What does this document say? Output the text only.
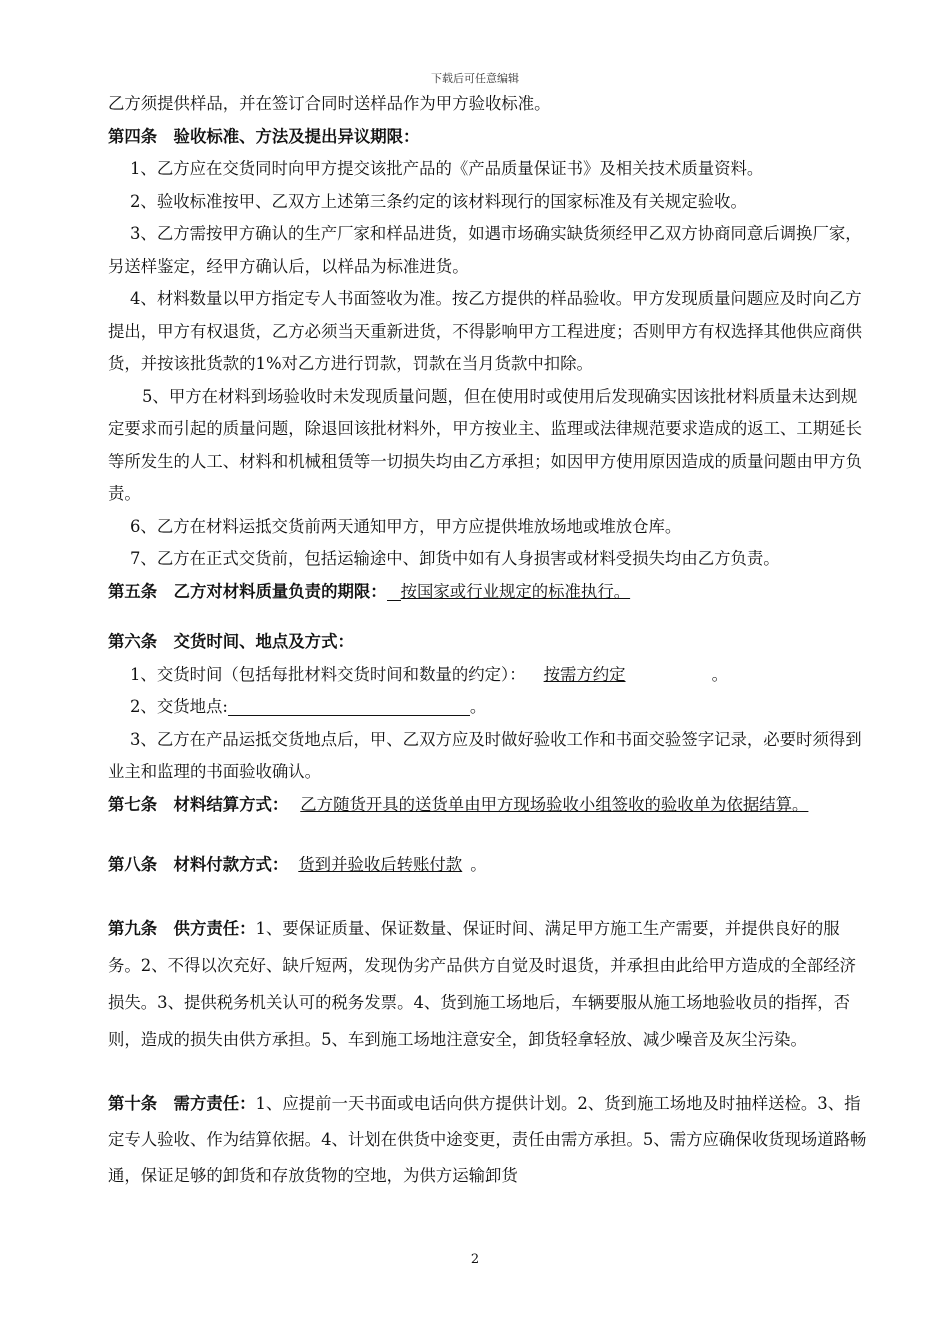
下载后可任意编辑

乙方须提供样品，并在签订合同时送样品作为甲方验收标准。

第四条　验收标准、方法及提出异议期限：

1、乙方应在交货同时向甲方提交该批产品的《产品质量保证书》及相关技术质量资料。

2、验收标准按甲、乙双方上述第三条约定的该材料现行的国家标准及有关规定验收。

3、乙方需按甲方确认的生产厂家和样品进货，如遇市场确实缺货须经甲乙双方协商同意后调换厂家，另送样鉴定，经甲方确认后，以样品为标准进货。

4、材料数量以甲方指定专人书面签收为准。按乙方提供的样品验收。甲方发现质量问题应及时向乙方提出，甲方有权退货，乙方必须当天重新进货，不得影响甲方工程进度；否则甲方有权选择其他供应商供货，并按该批货款的1%对乙方进行罚款，罚款在当月货款中扣除。

5、甲方在材料到场验收时未发现质量问题，但在使用时或使用后发现确实因该批材料质量未达到规定要求而引起的质量问题，除退回该批材料外，甲方按业主、监理或法律规范要求造成的返工、工期延长等所发生的人工、材料和机械租赁等一切损失均由乙方承担；如因甲方使用原因造成的质量问题由甲方负责。

6、乙方在材料运抵交货前两天通知甲方，甲方应提供堆放场地或堆放仓库。

7、乙方在正式交货前，包括运输途中、卸货中如有人身损害或材料受损失均由乙方负责。

第五条　乙方对材料质量负责的期限： 按国家或行业规定的标准执行。

第六条　交货时间、地点及方式：

1、交货时间（包括每批材料交货时间和数量的约定）： 按需方约定	。

2、交货地点:	。

3、乙方在产品运抵交货地点后，甲、乙双方应及时做好验收工作和书面交验签字记录，必要时须得到业主和监理的书面验收确认。

第七条　材料结算方式： 乙方随货开具的送货单由甲方现场验收小组签收的验收单为依据结算。

第八条　材料付款方式： 货到并验收后转账付款 。

第九条　供方责任：1、要保证质量、保证数量、保证时间、满足甲方施工生产需要，并提供良好的服务。2、不得以次充好、缺斤短两，发现伪劣产品供方自觉及时退货，并承担由此给甲方造成的全部经济损失。3、提供税务机关认可的税务发票。4、货到施工场地后，车辆要服从施工场地验收员的指挥，否则，造成的损失由供方承担。5、车到施工场地注意安全，卸货轻拿轻放、减少噪音及灰尘污染。

第十条　需方责任：1、应提前一天书面或电话向供方提供计划。2、货到施工场地及时抽样送检。3、指定专人验收、作为结算依据。4、计划在供货中途变更，责任由需方承担。5、需方应确保收货现场道路畅通，保证足够的卸货和存放货物的空地，为供方运输卸货

2
